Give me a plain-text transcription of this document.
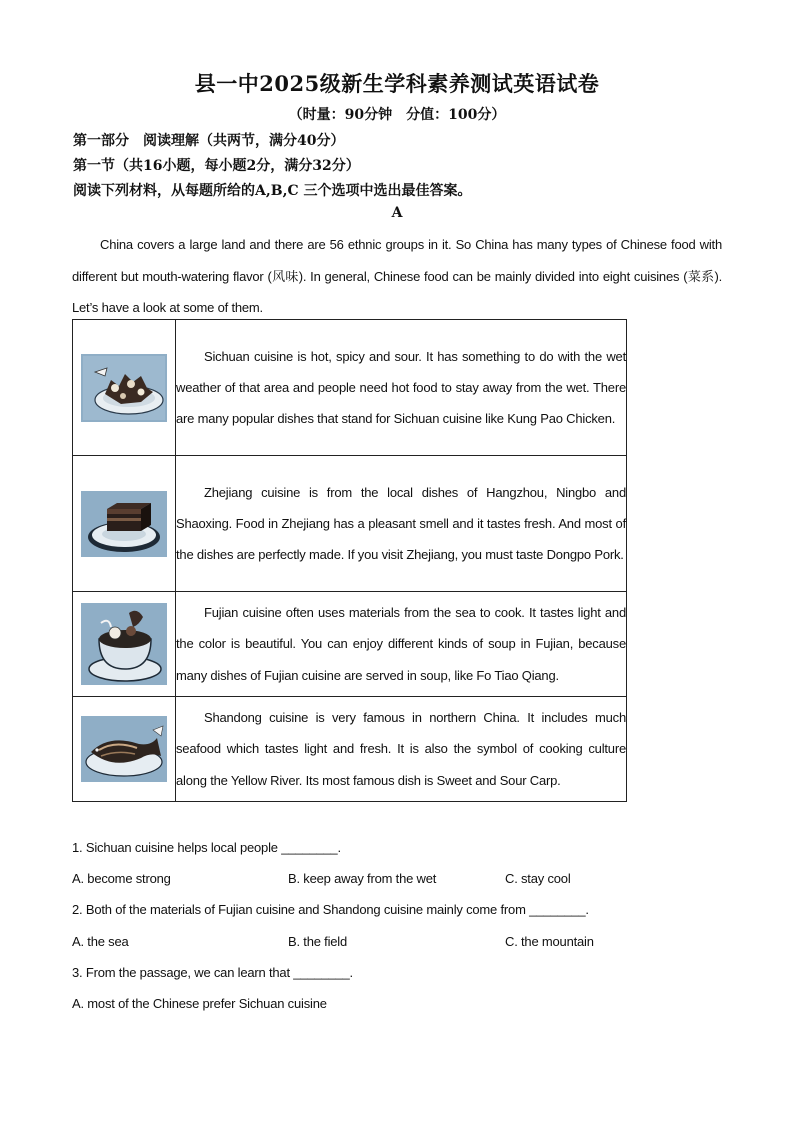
县一中2025级新生学科素养测试英语试卷
（时量：90分钟　分值：100分）
第一部分　阅读理解（共两节，满分40分）
第一节（共16小题，每小题2分，满分32分）
阅读下列材料，从每题所给的A,B,C 三个选项中选出最佳答案。
A
China covers a large land and there are 56 ethnic groups in it. So China has many types of Chinese food with different but mouth-watering flavor (风味). In general, Chinese food can be mainly divided into eight cuisines (菜系). Let’s have a look at some of them.
	Sichuan cuisine is hot, spicy and sour. It has something to do with the wet weather of that area and people need hot food to stay away from the wet. There are many popular dishes that stand for Sichuan cuisine like Kung Pao Chicken.

	Zhejiang cuisine is from the local dishes of Hangzhou, Ningbo and Shaoxing. Food in Zhejiang has a pleasant smell and it tastes fresh. And most of the dishes are perfectly made. If you visit Zhejiang, you must taste Dongpo Pork.

	Fujian cuisine often uses materials from the sea to cook. It tastes light and the color is beautiful. You can enjoy different kinds of soup in Fujian, because many dishes of Fujian cuisine are served in soup, like Fo Tiao Qiang.

	Shandong cuisine is very famous in northern China. It includes much seafood which tastes light and fresh. It is also the symbol of cooking culture along the Yellow River. Its most famous dish is Sweet and Sour Carp.
1. Sichuan cuisine helps local people ________.
A. become strong	B. keep away from the wet	C. stay cool
2. Both of the materials of Fujian cuisine and Shandong cuisine mainly come from ________.
A. the sea	B. the field	C. the mountain
3. From the passage, we can learn that ________.
A. most of the Chinese prefer Sichuan cuisine
